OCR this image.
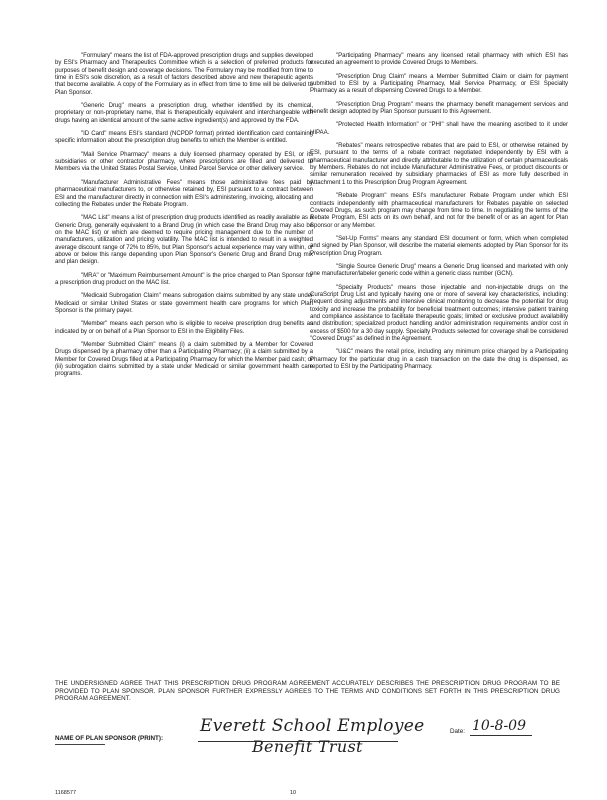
"Formulary" means the list of FDA-approved prescription drugs and supplies developed by ESI's Pharmacy and Therapeutics Committee which is a selection of preferred products for purposes of benefit design and coverage decisions. The Formulary may be modified from time to time in ESI's sole discretion, as a result of factors described above and new therapeutic agents that become available. A copy of the Formulary as in effect from time to time will be delivered to Plan Sponsor.

"Generic Drug" means a prescription drug, whether identified by its chemical, proprietary or non-proprietary name, that is therapeutically equivalent and interchangeable with drugs having an identical amount of the same active ingredient(s) and approved by the FDA.

"ID Card" means ESI's standard (NCPDP format) printed identification card containing specific information about the prescription drug benefits to which the Member is entitled.

"Mail Service Pharmacy" means a duly licensed pharmacy operated by ESI, or its subsidiaries or other contractor pharmacy, where prescriptions are filled and delivered to Members via the United States Postal Service, United Parcel Service or other delivery service.

"Manufacturer Administrative Fees" means those administrative fees paid by pharmaceutical manufacturers to, or otherwise retained by, ESI pursuant to a contract between ESI and the manufacturer directly in connection with ESI's administering, invoicing, allocating and collecting the Rebates under the Rebate Program.

"MAC List" means a list of prescription drug products identified as readily available as a Generic Drug, generally equivalent to a Brand Drug (in which case the Brand Drug may also be on the MAC list) or which are deemed to require pricing management due to the number of manufacturers, utilization and pricing volatility. The MAC list is intended to result in a weighted average discount range of 72% to 85%, but Plan Sponsor's actual experience may vary within, or above or below this range depending upon Plan Sponsor's Generic Drug and Brand Drug mix and plan design.

"MRA" or "Maximum Reimbursement Amount" is the price charged to Plan Sponsor for a prescription drug product on the MAC list.

"Medicaid Subrogation Claim" means subrogation claims submitted by any state under Medicaid or similar United States or state government health care programs for which Plan Sponsor is the primary payer.

"Member" means each person who is eligible to receive prescription drug benefits as indicated by or on behalf of a Plan Sponsor to ESI in the Eligibility Files.

"Member Submitted Claim" means (i) a claim submitted by a Member for Covered Drugs dispensed by a pharmacy other than a Participating Pharmacy; (ii) a claim submitted by a Member for Covered Drugs filled at a Participating Pharmacy for which the Member paid cash; or (iii) subrogation claims submitted by a state under Medicaid or similar government health care programs.

"Participating Pharmacy" means any licensed retail pharmacy with which ESI has executed an agreement to provide Covered Drugs to Members.

"Prescription Drug Claim" means a Member Submitted Claim or claim for payment submitted to ESI by a Participating Pharmacy, Mail Service Pharmacy, or ESI Specialty Pharmacy as a result of dispensing Covered Drugs to a Member.

"Prescription Drug Program" means the pharmacy benefit management services and benefit design adopted by Plan Sponsor pursuant to this Agreement.

"Protected Health Information" or "PHI" shall have the meaning ascribed to it under HIPAA.

"Rebates" means retrospective rebates that are paid to ESI, or otherwise retained by ESI, pursuant to the terms of a rebate contract negotiated independently by ESI with a pharmaceutical manufacturer and directly attributable to the utilization of certain pharmaceuticals by Members. Rebates do not include Manufacturer Administrative Fees, or product discounts or similar remuneration received by subsidiary pharmacies of ESI as more fully described in Attachment 1 to this Prescription Drug Program Agreement.

"Rebate Program" means ESI's manufacturer Rebate Program under which ESI contracts independently with pharmaceutical manufacturers for Rebates payable on selected Covered Drugs, as such program may change from time to time. In negotiating the terms of the Rebate Program, ESI acts on its own behalf, and not for the benefit of or as an agent for Plan Sponsor or any Member.

"Set-Up Forms" means any standard ESI document or form, which when completed and signed by Plan Sponsor, will describe the material elements adopted by Plan Sponsor for its Prescription Drug Program.

"Single Source Generic Drug" means a Generic Drug licensed and marketed with only one manufacturer/labeler generic code within a generic class number (GCN).

"Specialty Products" means those injectable and non-injectable drugs on the CuraScript Drug List and typically having one or more of several key characteristics, including: frequent dosing adjustments and intensive clinical monitoring to decrease the potential for drug toxicity and increase the probability for beneficial treatment outcomes; intensive patient training and compliance assistance to facilitate therapeutic goals; limited or exclusive product availability and distribution; specialized product handling and/or administration requirements and/or cost in excess of $500 for a 30 day supply. Specialty Products selected for coverage shall be considered "Covered Drugs" as defined in the Agreement.

"U&C" means the retail price, including any minimum price charged by a Participating Pharmacy for the particular drug in a cash transaction on the date the drug is dispensed, as reported to ESI by the Participating Pharmacy.

THE UNDERSIGNED AGREE THAT THIS PRESCRIPTION DRUG PROGRAM AGREEMENT ACCURATELY DESCRIBES THE PRESCRIPTION DRUG PROGRAM TO BE PROVIDED TO PLAN SPONSOR. PLAN SPONSOR FURTHER EXPRESSLY AGREES TO THE TERMS AND CONDITIONS SET FORTH IN THIS PRESCRIPTION DRUG PROGRAM AGREEMENT.
NAME OF PLAN SPONSOR (PRINT):
Everett School Employee
Benefit Trust
Date: 10-8-09
1168577	10
